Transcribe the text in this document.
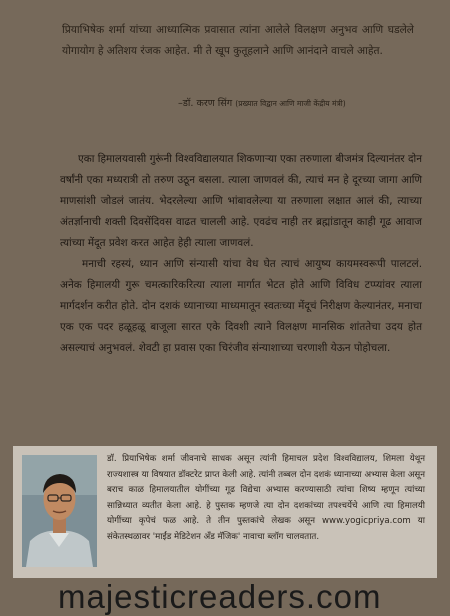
प्रियाभिषेक शर्मा यांच्या आध्यात्मिक प्रवासात त्यांना आलेले विलक्षण अनुभव आणि घडलेले योगायोग हे अतिशय रंजक आहेत. मी ते खूप कुतूहलाने आणि आनंदाने वाचले आहेत.
–डॉ. करण सिंग (प्रख्यात विद्वान आणि माजी केंद्रीय मंत्री)

एका हिमालयवासी गुरूंनी विश्वविद्यालयात शिकणाऱ्या एका तरुणाला बीजमंत्र दिल्यानंतर दोन वर्षांनी एका मध्यरात्री तो तरुण उठून बसला. त्याला जाणवलं की, त्याचं मन हे दूरच्या जागा आणि माणसांशी जोडलं जातंय. भेदरलेल्या आणि भांबावलेल्या या तरुणाला लक्षात आलं की, त्याच्या अंतर्ज्ञानाची शक्ती दिवसेंदिवस वाढत चालली आहे. एवढंच नाही तर ब्रह्मांडातून काही गूढ आवाज त्यांच्या मेंदूत प्रवेश करत आहेत हेही त्याला जाणवलं.

मनाची रहस्यं, ध्यान आणि संन्यासी यांचा वेध घेत त्याचं आयुष्य कायमस्वरूपी पालटलं. अनेक हिमालयी गुरू चमत्कारिकरित्या त्याला मार्गात भेटत होते आणि विविध टप्प्यांवर त्याला मार्गदर्शन करीत होते. दोन दशकं ध्यानाच्या माध्यमातून स्वतःच्या मेंदूचं निरीक्षण केल्यानंतर, मनाचा एक एक पदर हळूहळू बाजूला सारत एके दिवशी त्याने विलक्षण मानसिक शांततेचा उदय होत असल्याचं अनुभवलं. शेवटी हा प्रवास एका चिरंजीव संन्याशाच्या चरणाशी येऊन पोहोचला.

डॉ. प्रियाभिषेक शर्मा जीवनाचे साधक असून त्यांनी हिमाचल प्रदेश विश्वविद्यालय, शिमला येथून राज्यशास्त्र या विषयात डॉक्टरेट प्राप्त केली आहे. त्यांनी तब्बल दोन दशकं ध्यानाच्या अभ्यास केला असून बराच काळ हिमालयातील योगींच्या गूढ विद्येचा अभ्यास करण्यासाठी त्यांचा शिष्य म्हणून त्यांच्या सान्निध्यात व्यतीत केला आहे. हे पुस्तक म्हणजे त्या दोन दशकांच्या तपश्चर्येचे आणि त्या हिमालयी योगींच्या कृपेचं फळ आहे. ते तीन पुस्तकांचे लेखक असून www.yogicpriya.com या संकेतस्थळावर 'माईंड मेडिटेशन अँड मॅजिक' नावाचा ब्लॉग चालवतात.
majesticreaders.com
